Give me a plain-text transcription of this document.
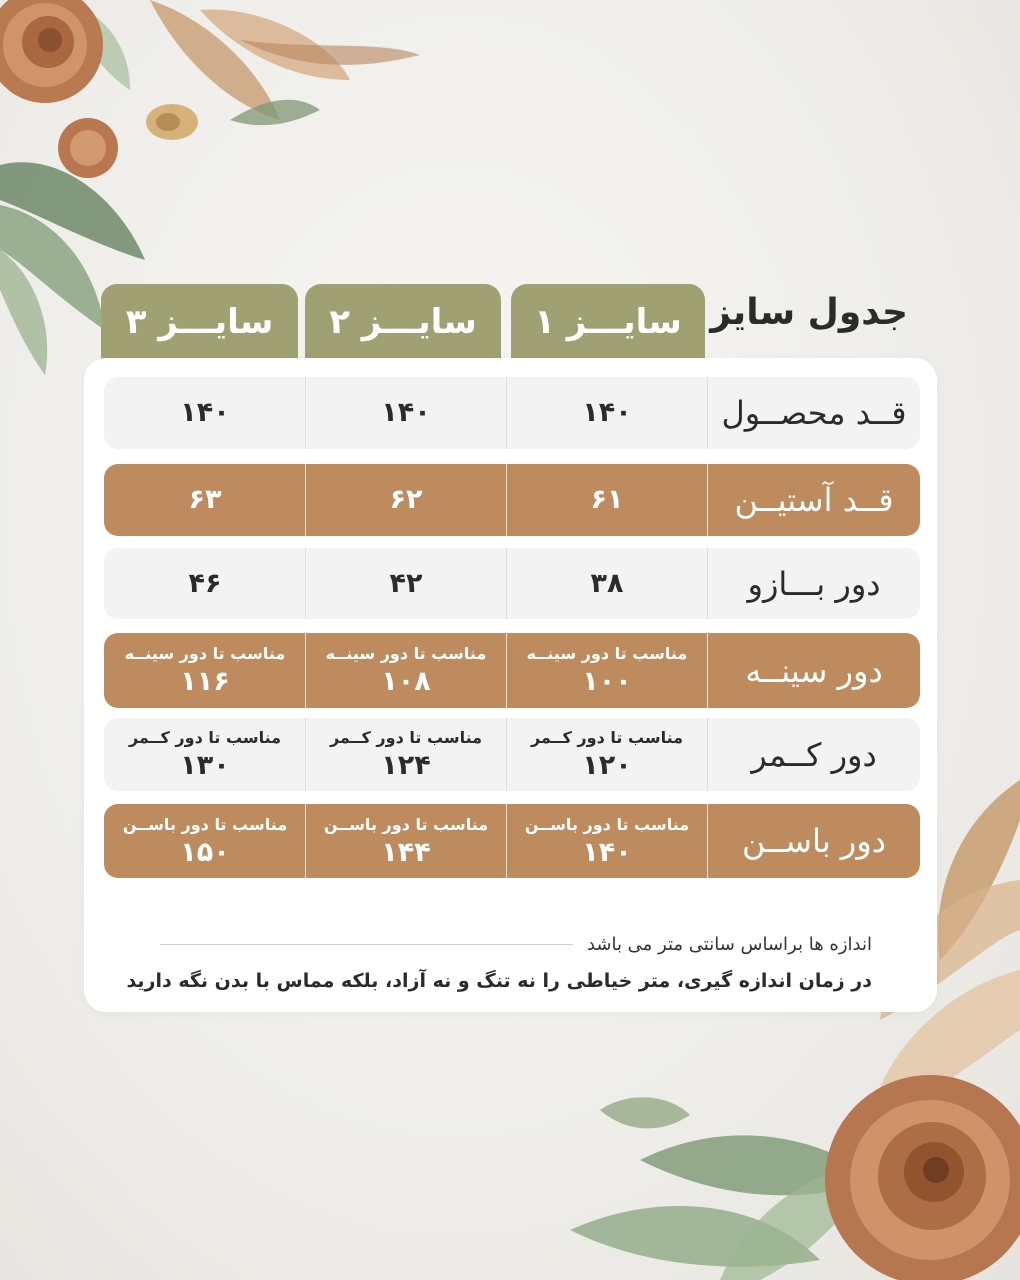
جدول سایز
سایـــز ۱
سایـــز ۲
سایـــز ۳
قــد محصــول
۱۴۰
۱۴۰
۱۴۰
قــد آستیــن
۶۱
۶۲
۶۳
دور بـــازو
۳۸
۴۲
۴۶
دور سینــه
مناسب تا دور سینــه
۱۰۰
مناسب تا دور سینــه
۱۰۸
مناسب تا دور سینــه
۱۱۶
دور کــمر
مناسب تا دور کــمر
۱۲۰
مناسب تا دور کــمر
۱۲۴
مناسب تا دور کــمر
۱۳۰
دور باســن
مناسب تا دور باســن
۱۴۰
مناسب تا دور باســن
۱۴۴
مناسب تا دور باســن
۱۵۰
اندازه ها براساس سانتی متر می باشد
در زمان اندازه گیری، متر خیاطی را نه تنگ و نه آزاد، بلکه مماس با بدن نگه دارید
